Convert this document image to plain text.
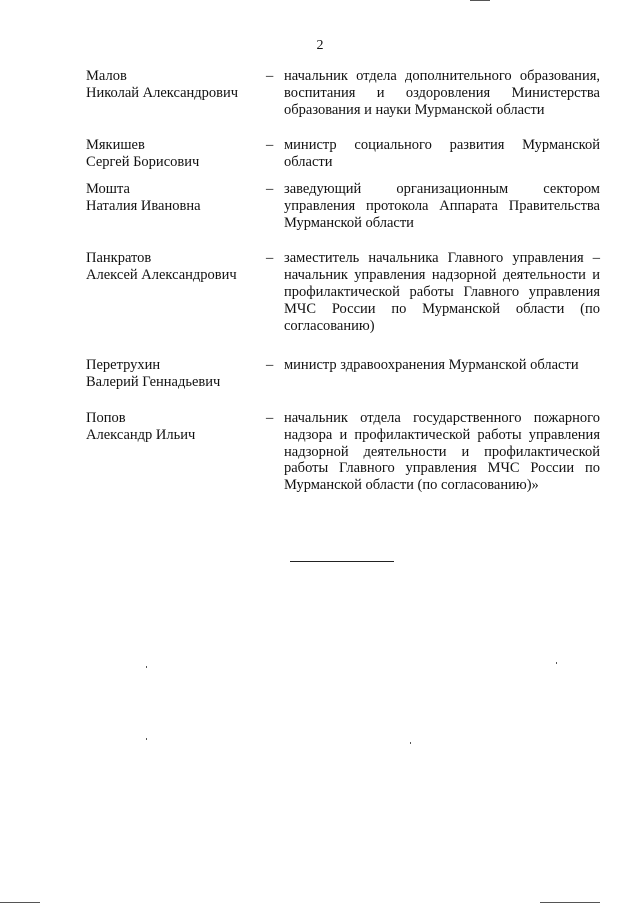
2
Малов
Николай Александрович
– начальник отдела дополнительного образования, воспитания и оздоровления Министерства образования и науки Мурманской области
Мякишев
Сергей Борисович
– министр социального развития Мурманской области
Мошта
Наталия Ивановна
– заведующий организационным сектором управления протокола Аппарата Правительства Мурманской области
Панкратов
Алексей Александрович
– заместитель начальника Главного управления – начальник управления надзорной деятельности и профилактической работы Главного управления МЧС России по Мурманской области (по согласованию)
Перетрухин
Валерий Геннадьевич
– министр здравоохранения Мурманской области
Попов
Александр Ильич
– начальник отдела государственного пожарного надзора и профилактической работы управления надзорной деятельности и профилактической работы Главного управления МЧС России по Мурманской области (по согласованию)»
